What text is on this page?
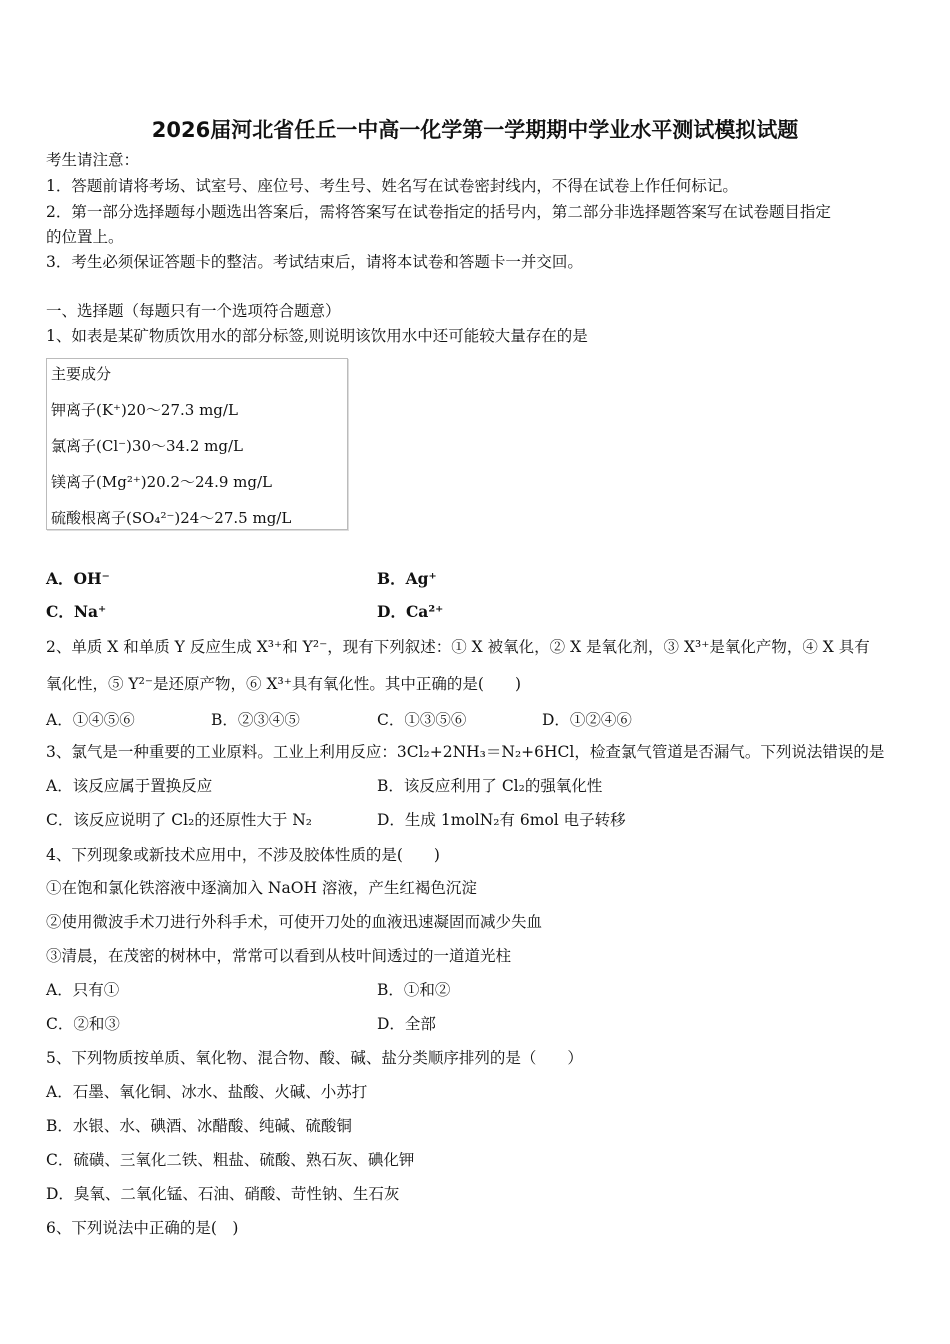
2026届河北省任丘一中高一化学第一学期期中学业水平测试模拟试题
考生请注意：
1．答题前请将考场、试室号、座位号、考生号、姓名写在试卷密封线内，不得在试卷上作任何标记。
2．第一部分选择题每小题选出答案后，需将答案写在试卷指定的括号内，第二部分非选择题答案写在试卷题目指定
的位置上。
3．考生必须保证答题卡的整洁。考试结束后，请将本试卷和答题卡一并交回。
一、选择题（每题只有一个选项符合题意）
1、如表是某矿物质饮用水的部分标签,则说明该饮用水中还可能较大量存在的是
主要成分
钾离子(K⁺)20～27.3 mg/L
氯离子(Cl⁻)30～34.2 mg/L
镁离子(Mg²⁺)20.2～24.9 mg/L
硫酸根离子(SO₄²⁻)24～27.5 mg/L
A．OH⁻	B．Ag⁺
C．Na⁺	D．Ca²⁺
2、单质 X 和单质 Y 反应生成 X³⁺和 Y²⁻，现有下列叙述：① X 被氧化，② X 是氧化剂，③ X³⁺是氧化产物，④ X 具有
氧化性，⑤ Y²⁻是还原产物，⑥ X³⁺具有氧化性。其中正确的是(　　)
A．①④⑤⑥	B．②③④⑤	C．①③⑤⑥	D．①②④⑥
3、氯气是一种重要的工业原料。工业上利用反应：3Cl₂+2NH₃＝N₂+6HCl，检查氯气管道是否漏气。下列说法错误的是
A．该反应属于置换反应	B．该反应利用了 Cl₂的强氧化性
C．该反应说明了 Cl₂的还原性大于 N₂	D．生成 1molN₂有 6mol 电子转移
4、下列现象或新技术应用中，不涉及胶体性质的是(　　)
①在饱和氯化铁溶液中逐滴加入 NaOH 溶液，产生红褐色沉淀
②使用微波手术刀进行外科手术，可使开刀处的血液迅速凝固而减少失血
③清晨，在茂密的树林中，常常可以看到从枝叶间透过的一道道光柱
A．只有①	B．①和②
C．②和③	D．全部
5、下列物质按单质、氧化物、混合物、酸、碱、盐分类顺序排列的是（　　）
A．石墨、氧化铜、冰水、盐酸、火碱、小苏打
B．水银、水、碘酒、冰醋酸、纯碱、硫酸铜
C．硫磺、三氧化二铁、粗盐、硫酸、熟石灰、碘化钾
D．臭氧、二氧化锰、石油、硝酸、苛性钠、生石灰
6、下列说法中正确的是(　)
